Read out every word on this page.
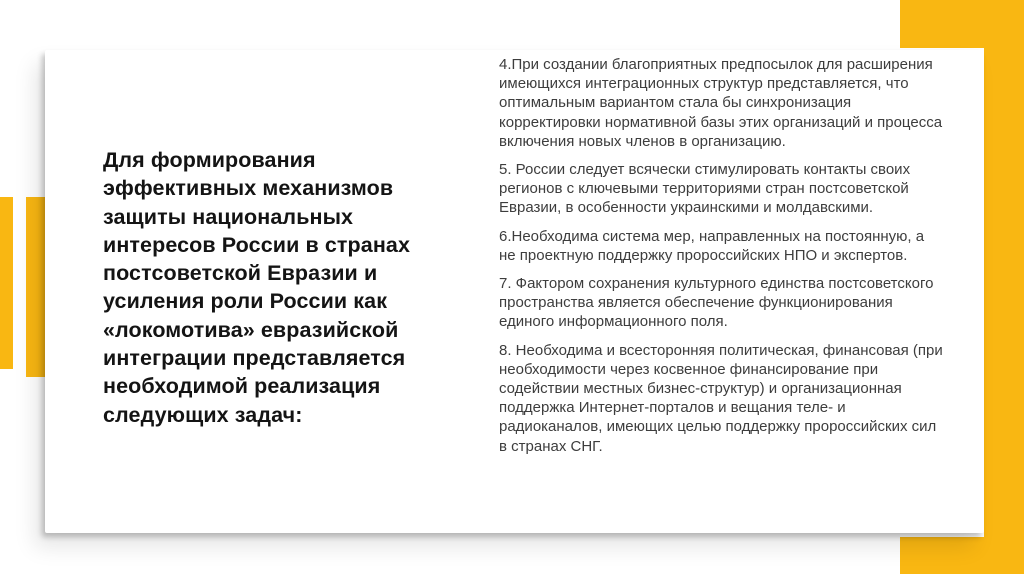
Для формирования эффективных механизмов защиты национальных интересов России в странах постсоветской Евразии и усиления роли России как «локомотива» евразийской интеграции представляется необходимой реализация следующих задач:

4.При создании благоприятных предпосылок для расширения имеющихся интеграционных структур представляется, что оптимальным вариантом стала бы синхронизация корректировки нормативной базы этих организаций и процесса включения новых членов в организацию.

5. России следует всячески стимулировать контакты своих регионов с ключевыми территориями стран постсоветской Евразии, в особенности украинскими и молдавскими.

6.Необходима система мер, направленных на постоянную, а не проектную поддержку пророссийских НПО и экспертов.

7. Фактором сохранения культурного единства постсоветского пространства является обеспечение функционирования единого информационного поля.

8. Необходима и всесторонняя политическая, финансовая (при необходимости через косвенное финансирование при содействии местных бизнес-структур) и организационная поддержка Интернет-порталов и вещания теле- и радиоканалов, имеющих целью поддержку пророссийских сил в странах СНГ.
